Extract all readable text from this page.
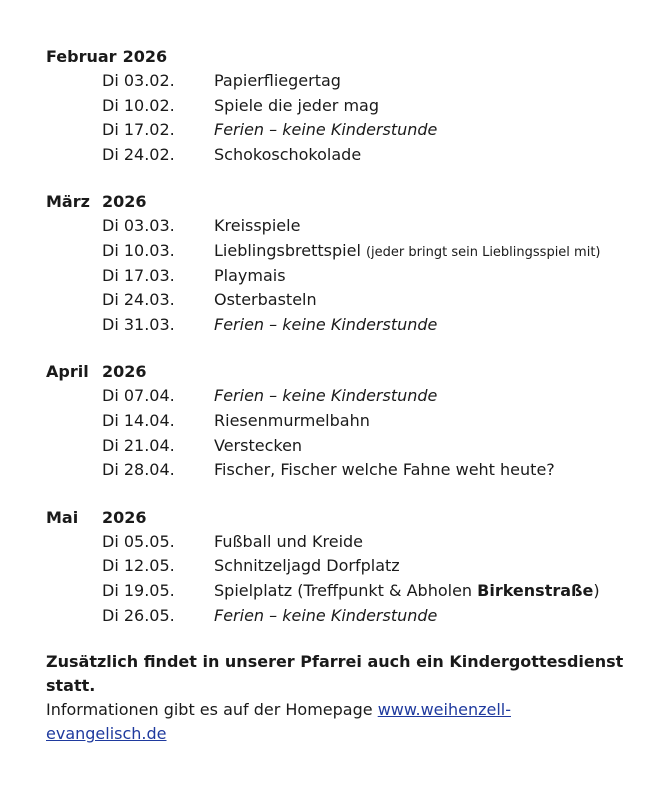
Februar 2026
Di 03.02. Papierfliegertag
Di 10.02. Spiele die jeder mag
Di 17.02. Ferien – keine Kinderstunde
Di 24.02. Schokoschokolade
März 2026
Di 03.03. Kreisspiele
Di 10.03. Lieblingsbrettspiel (jeder bringt sein Lieblingsspiel mit)
Di 17.03. Playmais
Di 24.03. Osterbasteln
Di 31.03. Ferien – keine Kinderstunde
April 2026
Di 07.04. Ferien – keine Kinderstunde
Di 14.04. Riesenmurmelbahn
Di 21.04. Verstecken
Di 28.04. Fischer, Fischer welche Fahne weht heute?
Mai 2026
Di 05.05. Fußball und Kreide
Di 12.05. Schnitzeljagd Dorfplatz
Di 19.05. Spielplatz (Treffpunkt & Abholen Birkenstraße)
Di 26.05. Ferien – keine Kinderstunde
Zusätzlich findet in unserer Pfarrei auch ein Kindergottesdienst statt.
Informationen gibt es auf der Homepage www.weihenzell-
evangelisch.de
